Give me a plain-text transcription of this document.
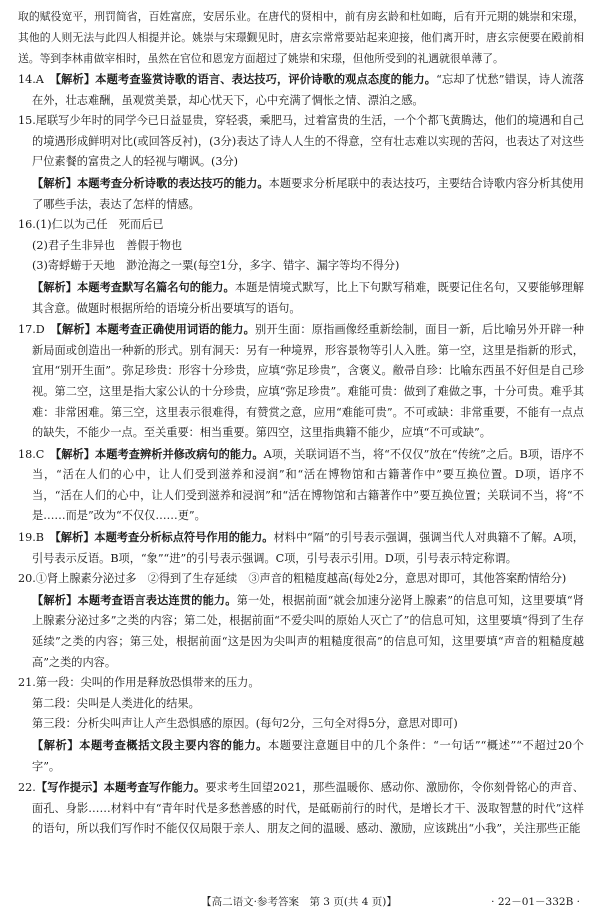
取的赋役宽平，刑罚简省，百姓富庶，安居乐业。在唐代的贤相中，前有房玄龄和杜如晦，后有开元期的姚崇和宋璟，其他的人则无法与此四人相提并论。姚崇与宋璟觐见时，唐玄宗常常要站起来迎接，他们离开时，唐玄宗便要在殿前相送。等到李林甫做宰相时，虽然在官位和恩宠方面超过了姚崇和宋璟，但他所受到的礼遇就很单薄了。

14.A　 【解析】本题考查鉴赏诗歌的语言、表达技巧，评价诗歌的观点态度的能力。“忘却了忧愁”错误，诗人流落在外，壮志难酬，虽观赏美景，却心忧天下，心中充满了惆怅之情、漂泊之感。

15.尾联写少年时的同学今已日益显贵，穿轻裘，乘肥马，过着富贵的生活，一个个都飞黄腾达，他们的境遇和自己的境遇形成鲜明对比(或回答反衬)，(3分)表达了诗人人生的不得意，空有壮志难以实现的苦闷，也表达了对这些尸位素餐的富贵之人的轻视与嘲讽。(3分)

【解析】本题考查分析诗歌的表达技巧的能力。本题要求分析尾联中的表达技巧，主要结合诗歌内容分析其使用了哪些手法，表达了怎样的情感。

16.(1)仁以为己任　死而后已

(2)君子生非异也　善假于物也

(3)寄蜉蝣于天地　渺沧海之一粟(每空1分，多字、错字、漏字等均不得分)

【解析】本题考查默写名篇名句的能力。本题是情境式默写，比上下句默写稍难，既要记住名句，又要能够理解其含意。做题时根据所给的语境分析出要填写的语句。

17.D　 【解析】本题考查正确使用词语的能力。别开生面：原指画像经重新绘制，面目一新，后比喻另外开辟一种新局面或创造出一种新的形式。别有洞天：另有一种境界，形容景物等引人入胜。第一空，这里是指新的形式，宜用“别开生面”。弥足珍贵：形容十分珍贵，应填“弥足珍贵”，含褒义。敝帚自珍：比喻东西虽不好但是自己珍视。第二空，这里是指大家公认的十分珍贵，应填“弥足珍贵”。难能可贵：做到了难做之事，十分可贵。难乎其难：非常困难。第三空，这里表示很难得，有赞赏之意，应用“难能可贵”。不可或缺：非常重要，不能有一点点的缺失，不能少一点。至关重要：相当重要。第四空，这里指典籍不能少，应填“不可或缺”。

18.C　 【解析】本题考查辨析并修改病句的能力。A项，关联词语不当，将“不仅仅”放在“传统”之后。B项，语序不当，“活在人们的心中，让人们受到滋养和浸润”和“活在博物馆和古籍著作中”要互换位置。D项，语序不当，“活在人们的心中，让人们受到滋养和浸润”和“活在博物馆和古籍著作中”要互换位置；关联词不当，将“不是……而是”改为“不仅仅……更”。

19.B　 【解析】本题考查分析标点符号作用的能力。材料中“隔”的引号表示强调，强调当代人对典籍不了解。A项，引号表示反语。B项，“象”“进”的引号表示强调。C项，引号表示引用。D项，引号表示特定称谓。

20.①肾上腺素分泌过多　②得到了生存延续　③声音的粗糙度越高(每处2分，意思对即可，其他答案酌情给分)

【解析】本题考查语言表达连贯的能力。第一处，根据前面“就会加速分泌肾上腺素”的信息可知，这里要填“肾上腺素分泌过多”之类的内容；第二处，根据前面“不爱尖叫的原始人灭亡了”的信息可知，这里要填“得到了生存延续”之类的内容；第三处，根据前面“这是因为尖叫声的粗糙度很高”的信息可知，这里要填“声音的粗糙度越高”之类的内容。

21.第一段：尖叫的作用是释放恐惧带来的压力。

第二段：尖叫是人类进化的结果。

第三段：分析尖叫声让人产生恐惧感的原因。(每句2分，三句全对得5分，意思对即可)

【解析】本题考查概括文段主要内容的能力。本题要注意题目中的几个条件：“一句话”“概述”“不超过20个字”。

22.【写作提示】本题考查写作能力。要求考生回望2021，那些温暖你、感动你、激励你，令你刻骨铭心的声音、面孔、身影……材料中有“青年时代是多愁善感的时代，是砥砺前行的时代，是增长才干、汲取智慧的时代”这样的语句，所以我们写作时不能仅仅局限于亲人、朋友之间的温暖、感动、激励，应该跳出“小我”，关注那些正能

【高二语文·参考答案　第 3 页(共 4 页)】	· 22－01－332B ·
